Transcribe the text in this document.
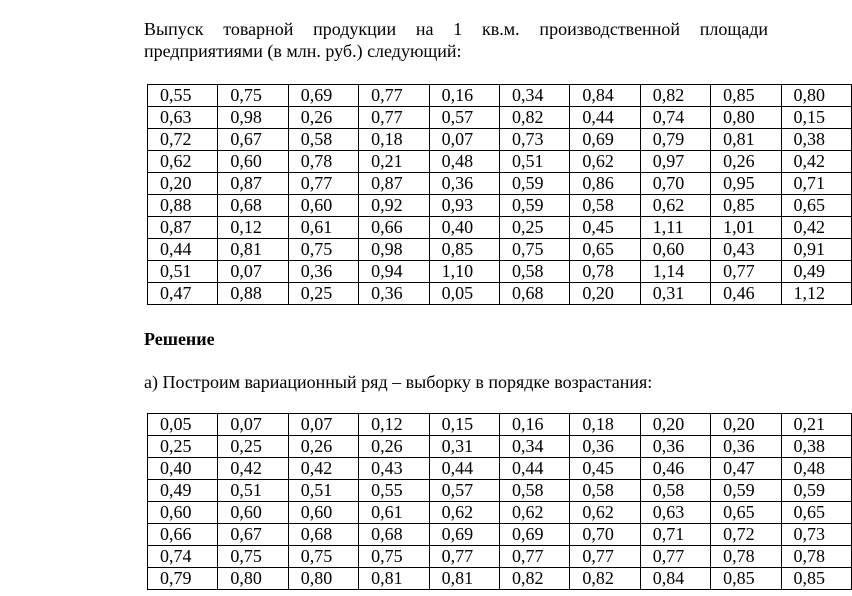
Выпуск товарной продукции на 1 кв.м. производственной площади предприятиями (в млн. руб.) следующий:
0,55	0,75	0,69	0,77	0,16	0,34	0,84	0,82	0,85	0,80
0,63	0,98	0,26	0,77	0,57	0,82	0,44	0,74	0,80	0,15
0,72	0,67	0,58	0,18	0,07	0,73	0,69	0,79	0,81	0,38
0,62	0,60	0,78	0,21	0,48	0,51	0,62	0,97	0,26	0,42
0,20	0,87	0,77	0,87	0,36	0,59	0,86	0,70	0,95	0,71
0,88	0,68	0,60	0,92	0,93	0,59	0,58	0,62	0,85	0,65
0,87	0,12	0,61	0,66	0,40	0,25	0,45	1,11	1,01	0,42
0,44	0,81	0,75	0,98	0,85	0,75	0,65	0,60	0,43	0,91
0,51	0,07	0,36	0,94	1,10	0,58	0,78	1,14	0,77	0,49
0,47	0,88	0,25	0,36	0,05	0,68	0,20	0,31	0,46	1,12
Решение
а) Построим вариационный ряд – выборку в порядке возрастания:
0,05	0,07	0,07	0,12	0,15	0,16	0,18	0,20	0,20	0,21
0,25	0,25	0,26	0,26	0,31	0,34	0,36	0,36	0,36	0,38
0,40	0,42	0,42	0,43	0,44	0,44	0,45	0,46	0,47	0,48
0,49	0,51	0,51	0,55	0,57	0,58	0,58	0,58	0,59	0,59
0,60	0,60	0,60	0,61	0,62	0,62	0,62	0,63	0,65	0,65
0,66	0,67	0,68	0,68	0,69	0,69	0,70	0,71	0,72	0,73
0,74	0,75	0,75	0,75	0,77	0,77	0,77	0,77	0,78	0,78
0,79	0,80	0,80	0,81	0,81	0,82	0,82	0,84	0,85	0,85
